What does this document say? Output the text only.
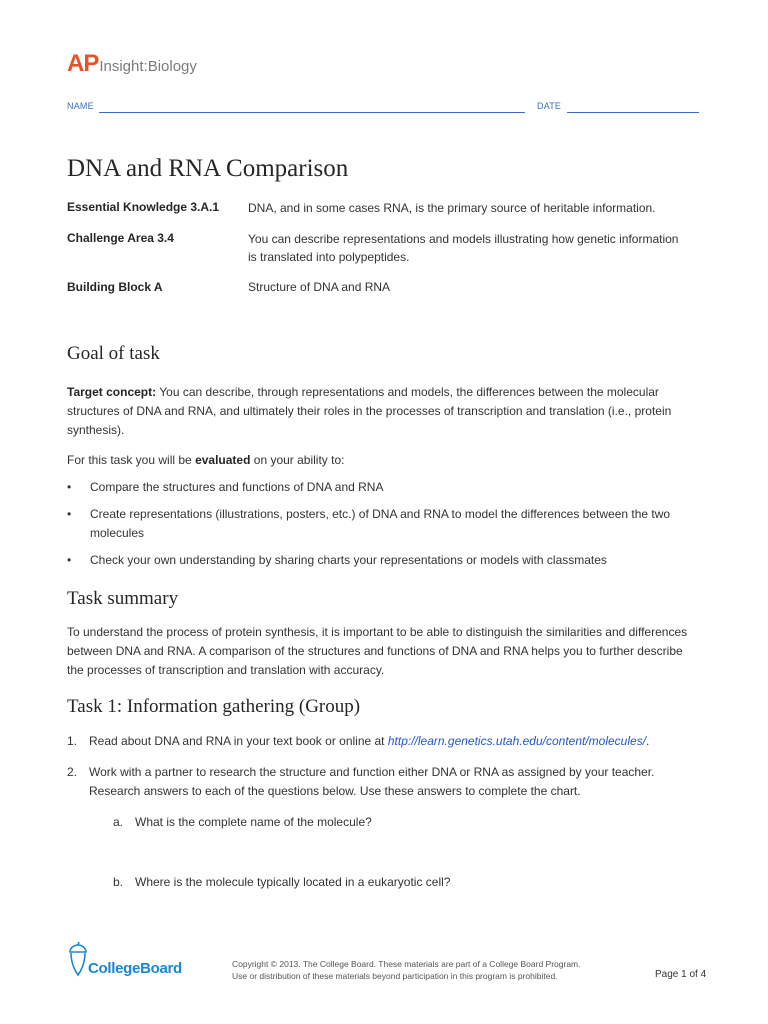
APInsight:Biology
NAME	DATE
DNA and RNA Comparison
Essential Knowledge 3.A.1 DNA, and in some cases RNA, is the primary source of heritable information.
Challenge Area 3.4	You can describe representations and models illustrating how genetic information is translated into polypeptides.
Building Block A	Structure of DNA and RNA
Goal of task
Target concept: You can describe, through representations and models, the differences between the molecular structures of DNA and RNA, and ultimately their roles in the processes of transcription and translation (i.e., protein synthesis).
For this task you will be evaluated on your ability to:
• Compare the structures and functions of DNA and RNA
• Create representations (illustrations, posters, etc.) of DNA and RNA to model the differences between the two molecules
• Check your own understanding by sharing charts your representations or models with classmates
Task summary
To understand the process of protein synthesis, it is important to be able to distinguish the similarities and differences between DNA and RNA. A comparison of the structures and functions of DNA and RNA helps you to further describe the processes of transcription and translation with accuracy.
Task 1: Information gathering (Group)
1. Read about DNA and RNA in your text book or online at http://learn.genetics.utah.edu/content/molecules/.
2. Work with a partner to research the structure and function either DNA or RNA as assigned by your teacher. Research answers to each of the questions below. Use these answers to complete the chart.
a. What is the complete name of the molecule?
b. Where is the molecule typically located in a eukaryotic cell?
CollegeBoard	Copyright © 2013. The College Board. These materials are part of a College Board Program.
Use or distribution of these materials beyond participation in this program is prohibited.	Page 1 of 4
